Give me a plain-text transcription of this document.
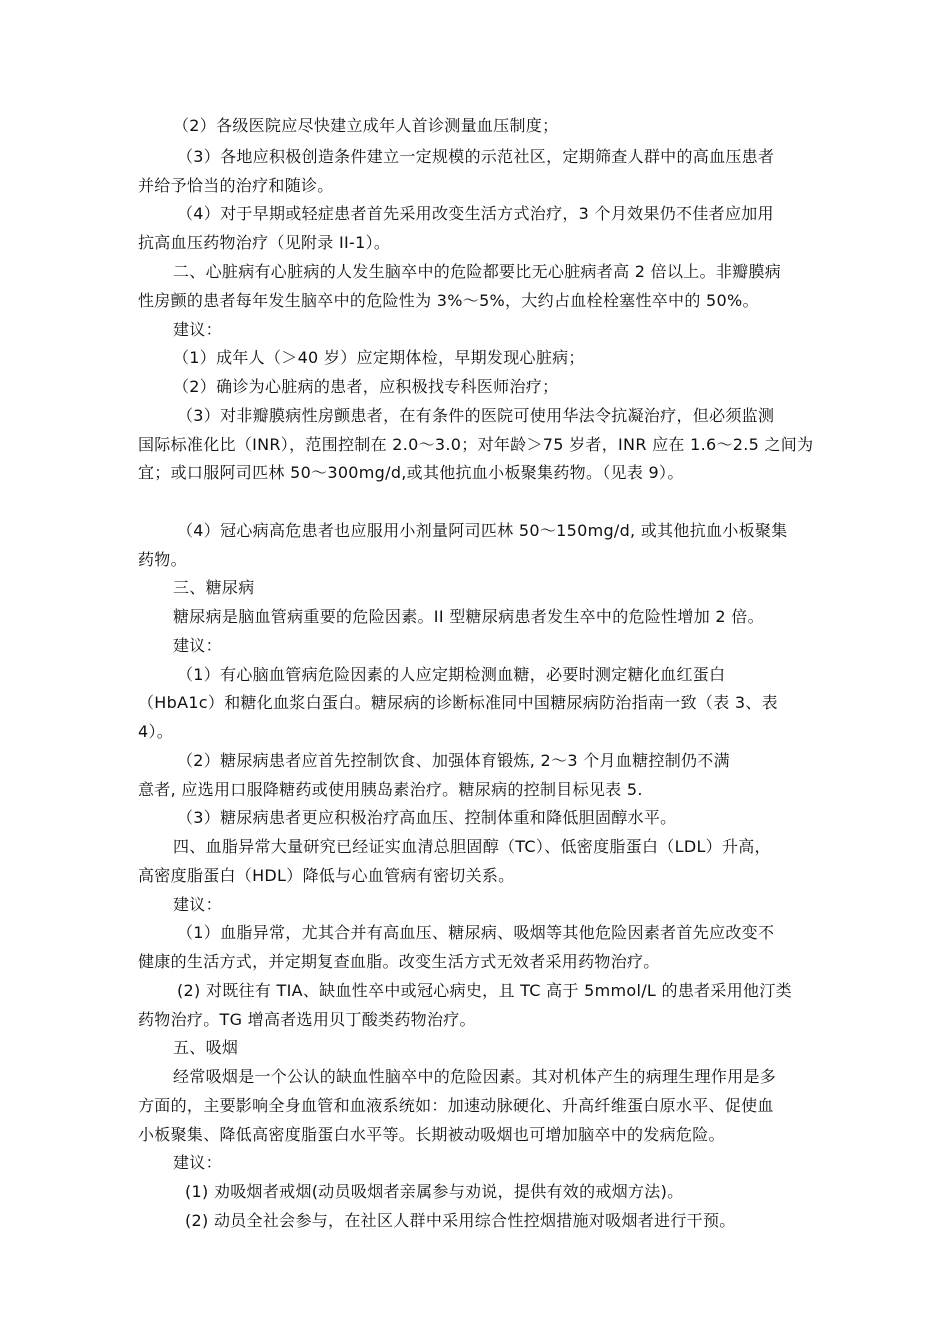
（2）各级医院应尽快建立成年人首诊测量血压制度；
（3）各地应积极创造条件建立一定规模的示范社区，定期筛查人群中的高血压患者
并给予恰当的治疗和随诊。
（4）对于早期或轻症患者首先采用改变生活方式治疗，3 个月效果仍不佳者应加用
抗高血压药物治疗（见附录 II-1）。
二、心脏病有心脏病的人发生脑卒中的危险都要比无心脏病者高 2 倍以上。非瓣膜病
性房颤的患者每年发生脑卒中的危险性为 3%～5%，大约占血栓栓塞性卒中的 50%。
建议：
（1）成年人（＞40 岁）应定期体检，早期发现心脏病；
（2）确诊为心脏病的患者，应积极找专科医师治疗；
（3）对非瓣膜病性房颤患者，在有条件的医院可使用华法令抗凝治疗，但必须监测
国际标准化比（INR），范围控制在 2.0～3.0；对年龄＞75 岁者，INR 应在 1.6～2.5 之间为
宜；或口服阿司匹林 50～300mg/d,或其他抗血小板聚集药物。（见表 9）。
（4）冠心病高危患者也应服用小剂量阿司匹林 50～150mg/d, 或其他抗血小板聚集
药物。
三、糖尿病
糖尿病是脑血管病重要的危险因素。II 型糖尿病患者发生卒中的危险性增加 2 倍。
建议：
（1）有心脑血管病危险因素的人应定期检测血糖，必要时测定糖化血红蛋白
（HbA1c）和糖化血浆白蛋白。糖尿病的诊断标准同中国糖尿病防治指南一致（表 3、表
4）。
（2）糖尿病患者应首先控制饮食、加强体育锻炼, 2～3 个月血糖控制仍不满
意者, 应选用口服降糖药或使用胰岛素治疗。糖尿病的控制目标见表 5.
（3）糖尿病患者更应积极治疗高血压、控制体重和降低胆固醇水平。
四、血脂异常大量研究已经证实血清总胆固醇（TC）、低密度脂蛋白（LDL）升高，
高密度脂蛋白（HDL）降低与心血管病有密切关系。
建议：
（1）血脂异常，尤其合并有高血压、糖尿病、吸烟等其他危险因素者首先应改变不
健康的生活方式，并定期复查血脂。改变生活方式无效者采用药物治疗。
(2) 对既往有 TIA、缺血性卒中或冠心病史，且 TC 高于 5mmol/L 的患者采用他汀类
药物治疗。TG 增高者选用贝丁酸类药物治疗。
五、吸烟
经常吸烟是一个公认的缺血性脑卒中的危险因素。其对机体产生的病理生理作用是多
方面的，主要影响全身血管和血液系统如：加速动脉硬化、升高纤维蛋白原水平、促使血
小板聚集、降低高密度脂蛋白水平等。长期被动吸烟也可增加脑卒中的发病危险。
建议：
(1) 劝吸烟者戒烟(动员吸烟者亲属参与劝说，提供有效的戒烟方法)。
(2) 动员全社会参与，在社区人群中采用综合性控烟措施对吸烟者进行干预。
